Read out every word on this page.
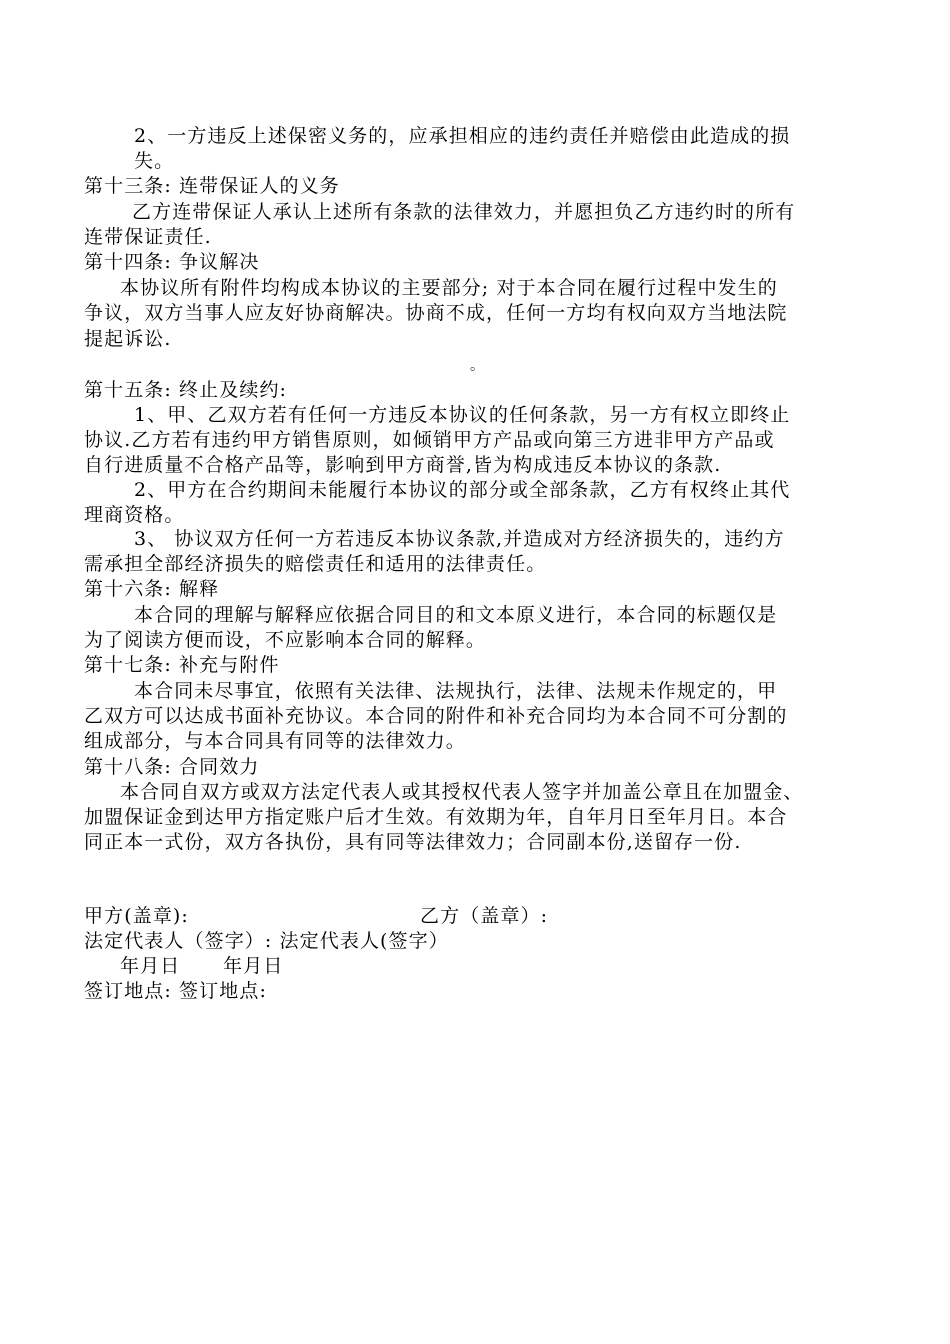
2、一方违反上述保密义务的，应承担相应的违约责任并赔偿由此造成的损
失。
第十三条: 连带保证人的义务
乙方连带保证人承认上述所有条款的法律效力，并愿担负乙方违约时的所有
连带保证责任.
第十四条: 争议解决
本协议所有附件均构成本协议的主要部分; 对于本合同在履行过程中发生的
争议，双方当事人应友好协商解决。协商不成，任何一方均有权向双方当地法院
提起诉讼.
。
第十五条: 终止及续约:
1、甲、乙双方若有任何一方违反本协议的任何条款，另一方有权立即终止
协议.乙方若有违约甲方销售原则，如倾销甲方产品或向第三方进非甲方产品或
自行进质量不合格产品等，影响到甲方商誉,皆为构成违反本协议的条款.
2、甲方在合约期间未能履行本协议的部分或全部条款，乙方有权终止其代
理商资格。
3、 协议双方任何一方若违反本协议条款,并造成对方经济损失的，违约方
需承担全部经济损失的赔偿责任和适用的法律责任。
第十六条: 解释
本合同的理解与解释应依据合同目的和文本原义进行，本合同的标题仅是
为了阅读方便而设，不应影响本合同的解释。
第十七条: 补充与附件
本合同未尽事宜，依照有关法律、法规执行，法律、法规未作规定的，甲
乙双方可以达成书面补充协议。本合同的附件和补充合同均为本合同不可分割的
组成部分，与本合同具有同等的法律效力。
第十八条: 合同效力
本合同自双方或双方法定代表人或其授权代表人签字并加盖公章且在加盟金、
加盟保证金到达甲方指定账户后才生效。有效期为年，自年月日至年月日。本合
同正本一式份，双方各执份，具有同等法律效力；合同副本份,送留存一份.
甲方(盖章):	乙方（盖章）:
法定代表人（签字）: 法定代表人(签字）
年月日      年月日
签订地点: 签订地点:
